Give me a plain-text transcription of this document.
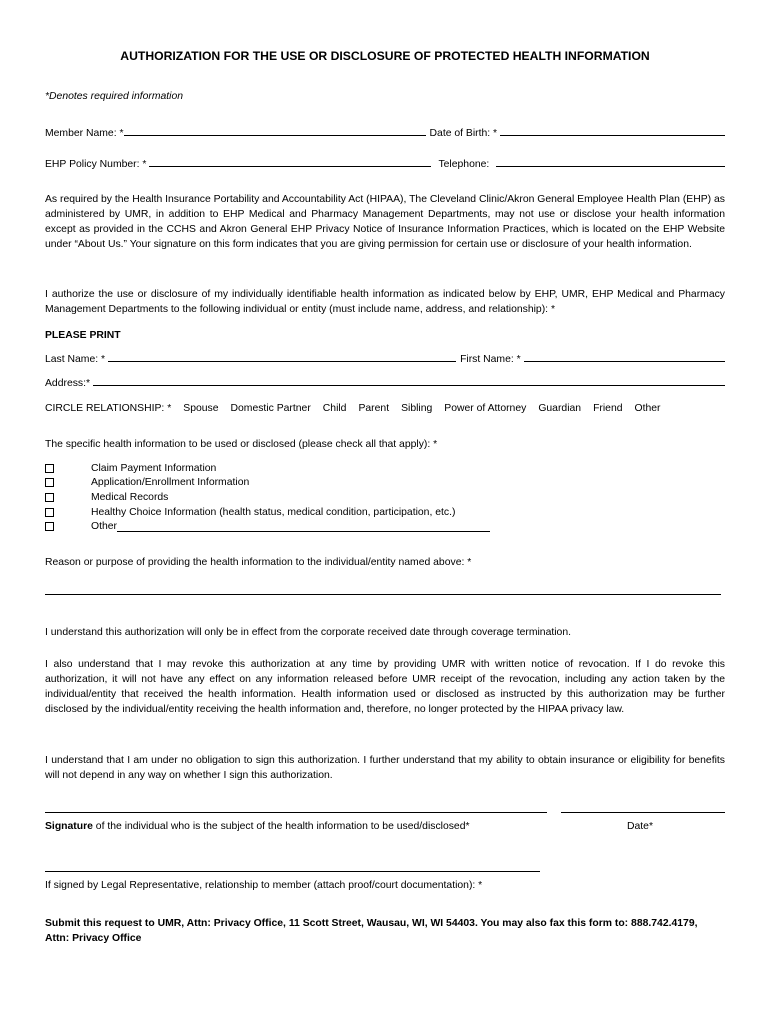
AUTHORIZATION FOR THE USE OR DISCLOSURE OF PROTECTED HEALTH INFORMATION
*Denotes required information
Member Name: *	Date of Birth: *
EHP Policy Number: *	Telephone:
As required by the Health Insurance Portability and Accountability Act (HIPAA), The Cleveland Clinic/Akron General Employee Health Plan (EHP) as administered by UMR, in addition to EHP Medical and Pharmacy Management Departments, may not use or disclose your health information except as provided in the CCHS and Akron General EHP Privacy Notice of Insurance Information Practices, which is located on the EHP Website under “About Us.” Your signature on this form indicates that you are giving permission for certain use or disclosure of your health information.
I authorize the use or disclosure of my individually identifiable health information as indicated below by EHP, UMR, EHP Medical and Pharmacy Management Departments to the following individual or entity (must include name, address, and relationship): *
PLEASE PRINT
Last Name: *	First Name: *
Address:*
CIRCLE RELATIONSHIP: * Spouse Domestic Partner Child Parent Sibling Power of Attorney Guardian Friend Other
The specific health information to be used or disclosed (please check all that apply): *
Claim Payment Information
Application/Enrollment Information
Medical Records
Healthy Choice Information (health status, medical condition, participation, etc.)
Other
Reason or purpose of providing the health information to the individual/entity named above: *
I understand this authorization will only be in effect from the corporate received date through coverage termination.
I also understand that I may revoke this authorization at any time by providing UMR with written notice of revocation. If I do revoke this authorization, it will not have any effect on any information released before UMR receipt of the revocation, including any action taken by the individual/entity that received the health information. Health information used or disclosed as instructed by this authorization may be further disclosed by the individual/entity receiving the health information and, therefore, no longer protected by the HIPAA privacy law.
I understand that I am under no obligation to sign this authorization. I further understand that my ability to obtain insurance or eligibility for benefits will not depend in any way on whether I sign this authorization.
Signature of the individual who is the subject of the health information to be used/disclosed*	Date*
If signed by Legal Representative, relationship to member (attach proof/court documentation): *
Submit this request to UMR, Attn: Privacy Office, 11 Scott Street, Wausau, WI, WI 54403. You may also fax this form to: 888.742.4179, Attn: Privacy Office
